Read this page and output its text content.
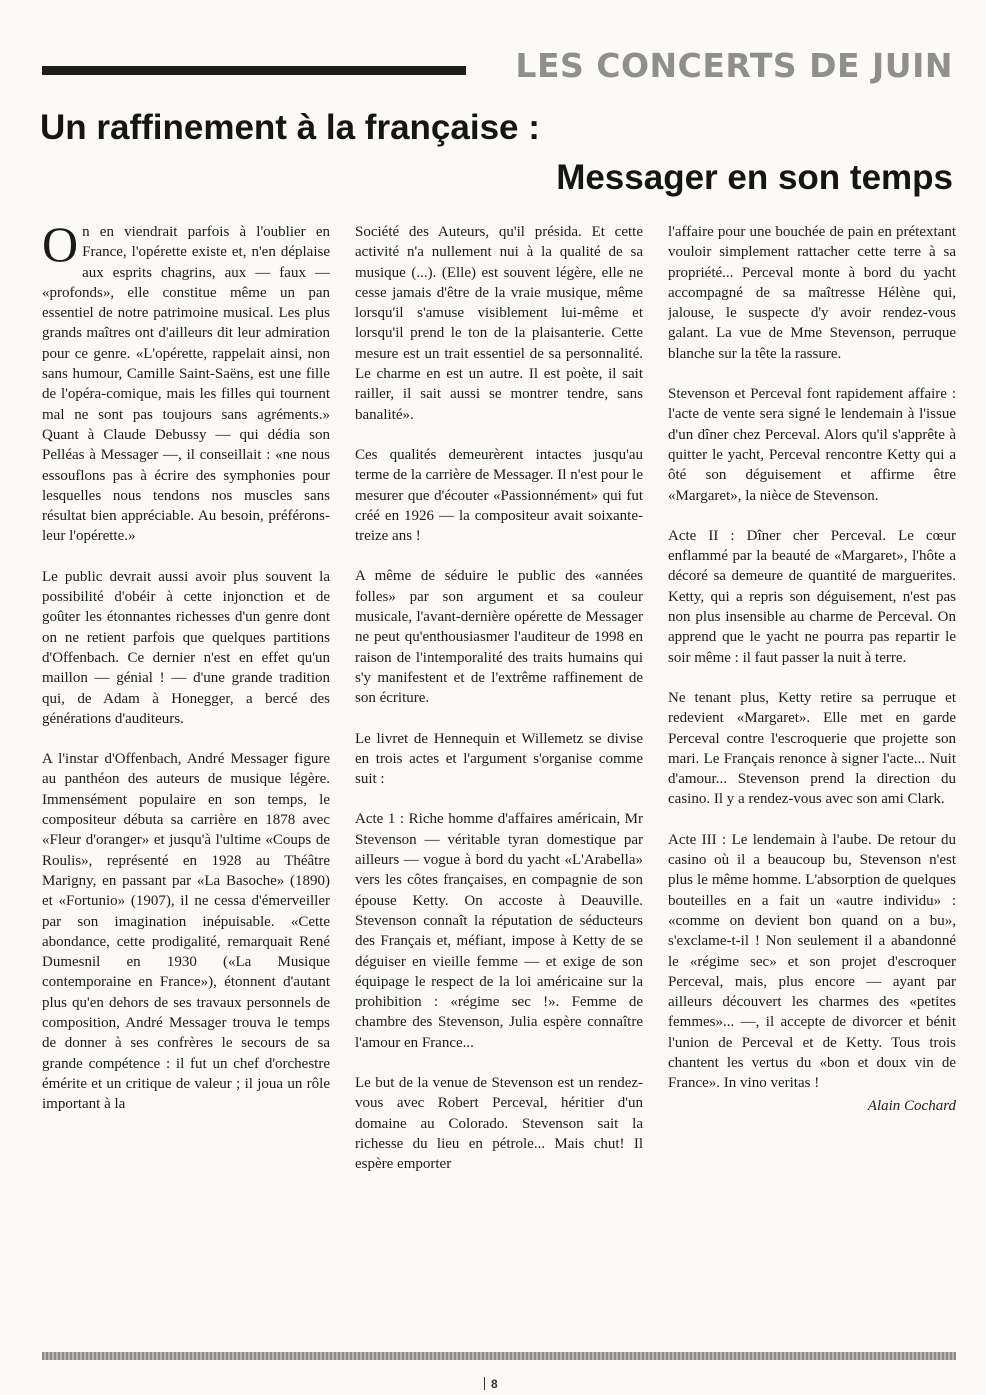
LES CONCERTS DE JUIN
Un raffinement à la française :
Messager en son temps

On en viendrait parfois à l'oublier en France, l'opérette existe et, n'en déplaise aux esprits chagrins, aux — faux — «profonds», elle constitue même un pan essentiel de notre patrimoine musical. Les plus grands maîtres ont d'ailleurs dit leur admiration pour ce genre. «L'opérette, rappelait ainsi, non sans humour, Camille Saint-Saëns, est une fille de l'opéra-comique, mais les filles qui tournent mal ne sont pas toujours sans agréments.» Quant à Claude Debussy — qui dédia son Pelléas à Messager —, il conseillait : «ne nous essouflons pas à écrire des symphonies pour lesquelles nous tendons nos muscles sans résultat bien appréciable. Au besoin, préférons-leur l'opérette.»

Le public devrait aussi avoir plus souvent la possibilité d'obéir à cette injonction et de goûter les étonnantes richesses d'un genre dont on ne retient parfois que quelques partitions d'Offenbach. Ce dernier n'est en effet qu'un maillon — génial ! — d'une grande tradition qui, de Adam à Honegger, a bercé des générations d'auditeurs.

A l'instar d'Offenbach, André Messager figure au panthéon des auteurs de musique légère. Immensément populaire en son temps, le compositeur débuta sa carrière en 1878 avec «Fleur d'oranger» et jusqu'à l'ultime «Coups de Roulis», représenté en 1928 au Théâtre Marigny, en passant par «La Basoche» (1890) et «Fortunio» (1907), il ne cessa d'émerveiller par son imagination inépuisable. «Cette abondance, cette prodigalité, remarquait René Dumesnil en 1930 («La Musique contemporaine en France»), étonnent d'autant plus qu'en dehors de ses travaux personnels de composition, André Messager trouva le temps de donner à ses confrères le secours de sa grande compétence : il fut un chef d'orchestre émérite et un critique de valeur ; il joua un rôle important à la

Société des Auteurs, qu'il présida. Et cette activité n'a nullement nui à la qualité de sa musique (...). (Elle) est souvent légère, elle ne cesse jamais d'être de la vraie musique, même lorsqu'il s'amuse visiblement lui-même et lorsqu'il prend le ton de la plaisanterie. Cette mesure est un trait essentiel de sa personnalité. Le charme en est un autre. Il est poète, il sait railler, il sait aussi se montrer tendre, sans banalité».

Ces qualités demeurèrent intactes jusqu'au terme de la carrière de Messager. Il n'est pour le mesurer que d'écouter «Passionnément» qui fut créé en 1926 — la compositeur avait soixante-treize ans !

A même de séduire le public des «années folles» par son argument et sa couleur musicale, l'avant-dernière opérette de Messager ne peut qu'enthousiasmer l'auditeur de 1998 en raison de l'intemporalité des traits humains qui s'y manifestent et de l'extrême raffinement de son écriture.

Le livret de Hennequin et Willemetz se divise en trois actes et l'argument s'organise comme suit :

Acte 1 : Riche homme d'affaires américain, Mr Stevenson — véritable tyran domestique par ailleurs — vogue à bord du yacht «L'Arabella» vers les côtes françaises, en compagnie de son épouse Ketty. On accoste à Deauville. Stevenson connaît la réputation de séducteurs des Français et, méfiant, impose à Ketty de se déguiser en vieille femme — et exige de son équipage le respect de la loi américaine sur la prohibition : «régime sec !». Femme de chambre des Stevenson, Julia espère connaître l'amour en France...

Le but de la venue de Stevenson est un rendez-vous avec Robert Perceval, héritier d'un domaine au Colorado. Stevenson sait la richesse du lieu en pétrole... Mais chut! Il espère emporter

l'affaire pour une bouchée de pain en prétextant vouloir simplement rattacher cette terre à sa propriété... Perceval monte à bord du yacht accompagné de sa maîtresse Hélène qui, jalouse, le suspecte d'y avoir rendez-vous galant. La vue de Mme Stevenson, perruque blanche sur la tête la rassure.

Stevenson et Perceval font rapidement affaire : l'acte de vente sera signé le lendemain à l'issue d'un dîner chez Perceval. Alors qu'il s'apprête à quitter le yacht, Perceval rencontre Ketty qui a ôté son déguisement et affirme être «Margaret», la nièce de Stevenson.

Acte II : Dîner cher Perceval. Le cœur enflammé par la beauté de «Margaret», l'hôte a décoré sa demeure de quantité de marguerites. Ketty, qui a repris son déguisement, n'est pas non plus insensible au charme de Perceval. On apprend que le yacht ne pourra pas repartir le soir même : il faut passer la nuit à terre.

Ne tenant plus, Ketty retire sa perruque et redevient «Margaret». Elle met en garde Perceval contre l'escroquerie que projette son mari. Le Français renonce à signer l'acte... Nuit d'amour... Stevenson prend la direction du casino. Il y a rendez-vous avec son ami Clark.

Acte III : Le lendemain à l'aube. De retour du casino où il a beaucoup bu, Stevenson n'est plus le même homme. L'absorption de quelques bouteilles en a fait un «autre individu» : «comme on devient bon quand on a bu», s'exclame-t-il ! Non seulement il a abandonné le «régime sec» et son projet d'escroquer Perceval, mais, plus encore — ayant par ailleurs découvert les charmes des «petites femmes»... —, il accepte de divorcer et bénit l'union de Perceval et de Ketty. Tous trois chantent les vertus du «bon et doux vin de France». In vino veritas !

Alain Cochard

8
